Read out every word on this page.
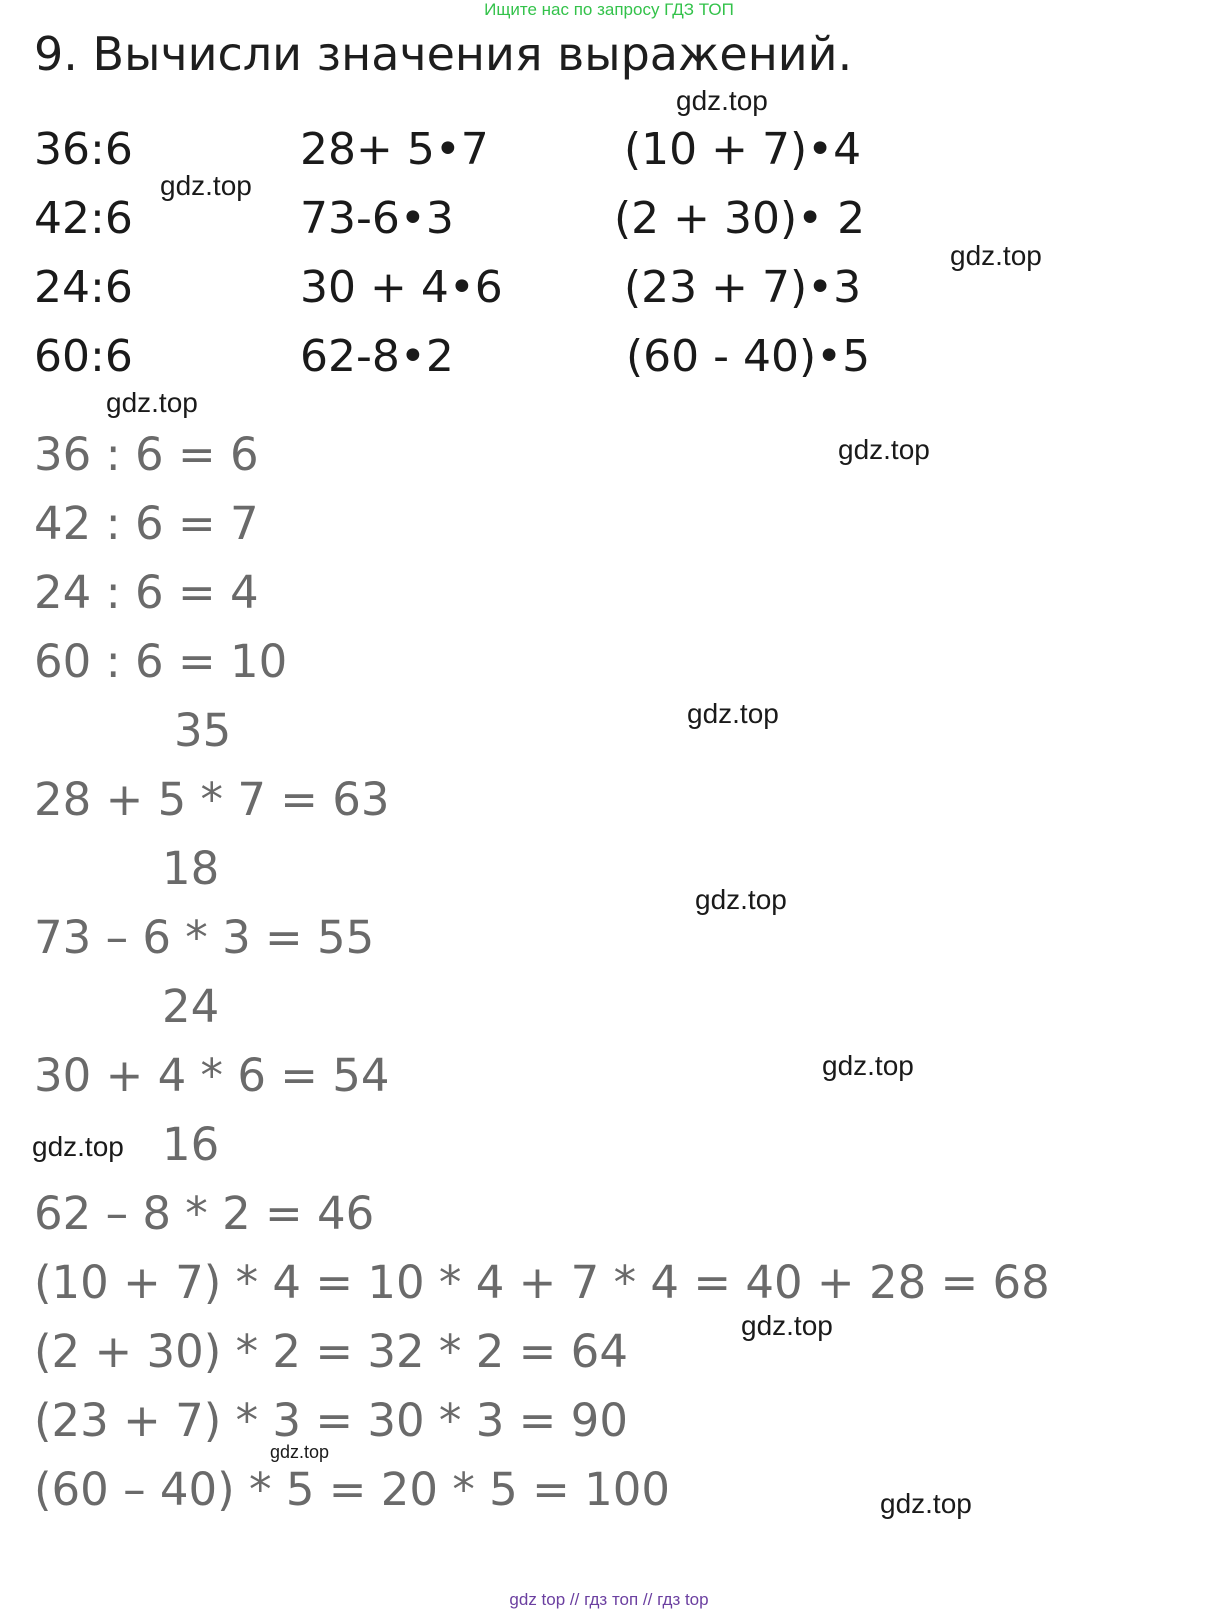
Ищите нас по запросу ГДЗ ТОП
9. Вычисли значения выражений.
36:6
42:6
24:6
60:6
28+ 5•7
73-6•3
30 + 4•6
62-8•2
(10 + 7)•4
(2 + 30)• 2
(23 + 7)•3
(60 - 40)•5
36 : 6 = 6
42 : 6 = 7
24 : 6 = 4
60 : 6 = 10
35
28 + 5 * 7 = 63
18
73 – 6 * 3 = 55
24
30 + 4 * 6 = 54
16
62 – 8 * 2 = 46
(10 + 7) * 4 = 10 * 4 + 7 * 4 = 40 + 28 = 68
(2 + 30) * 2 = 32 * 2 = 64
(23 + 7) * 3 = 30 * 3 = 90
(60 – 40) * 5 = 20 * 5 = 100
gdz.top
gdz.top
gdz.top
gdz.top
gdz.top
gdz.top
gdz.top
gdz.top
gdz.top
gdz.top
gdz.top
gdz.top
gdz top // гдз топ // гдз top
